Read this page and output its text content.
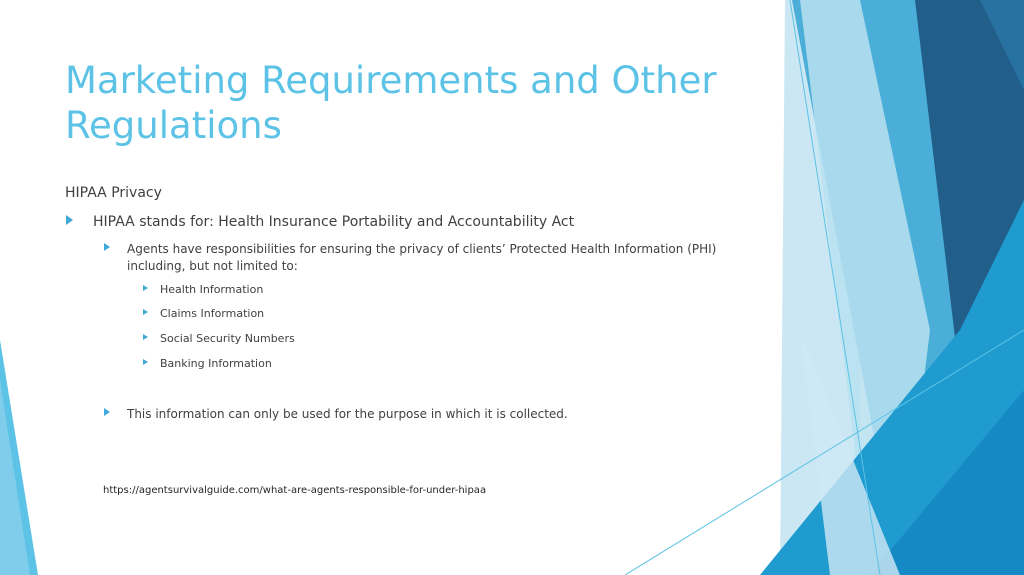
Marketing Requirements and Other Regulations

HIPAA Privacy

HIPAA stands for: Health Insurance Portability and Accountability Act

Agents have responsibilities for ensuring the privacy of clients’ Protected Health Information (PHI)

including, but not limited to:

Health Information

Claims Information

Social Security Numbers

Banking Information

This information can only be used for the purpose in which it is collected.

https://agentsurvivalguide.com/what-are-agents-responsible-for-under-hipaa
